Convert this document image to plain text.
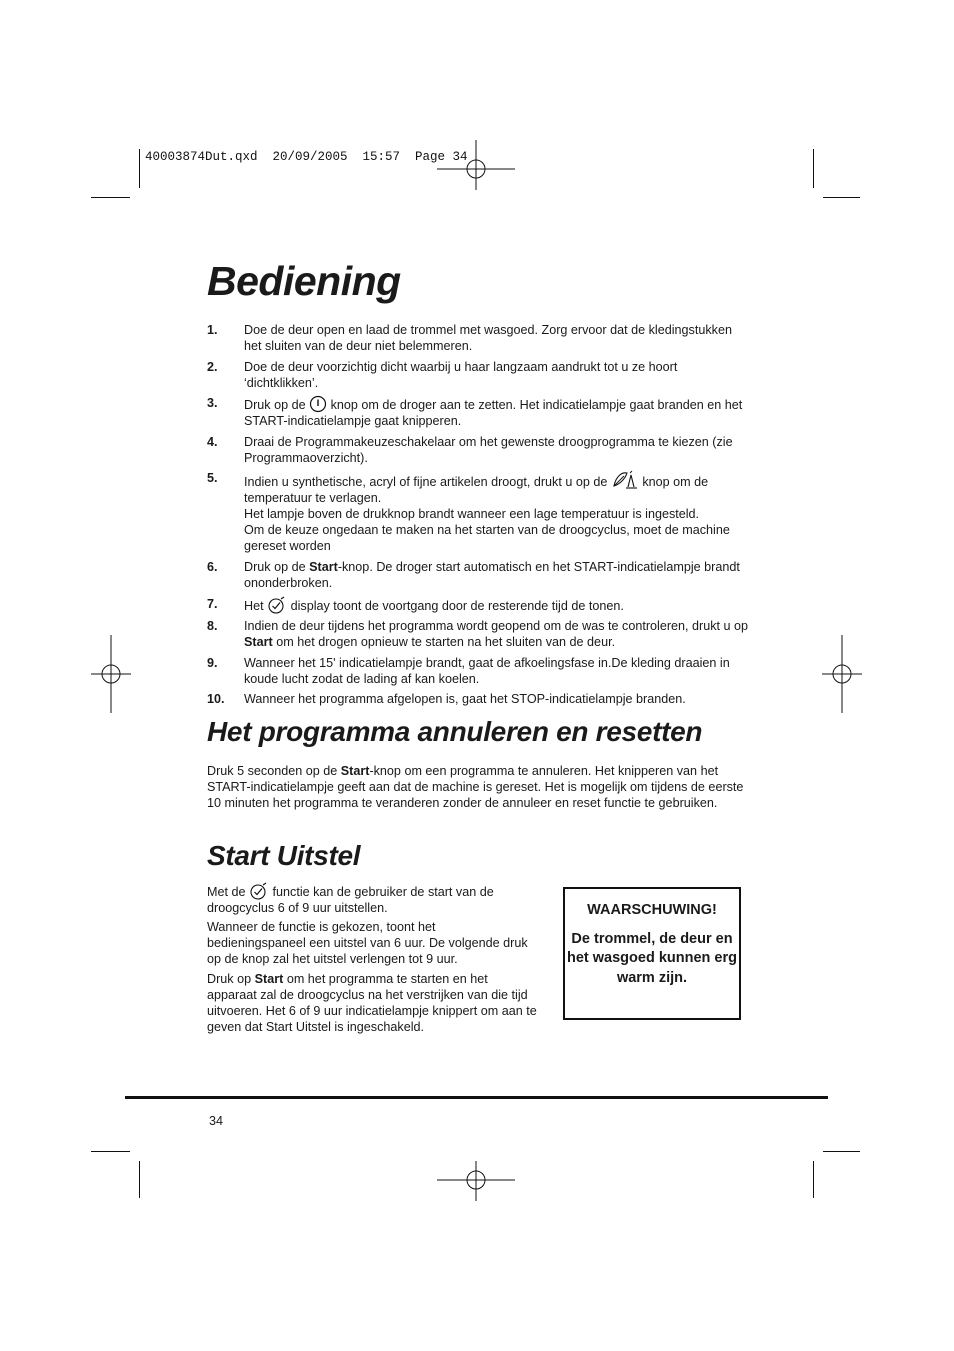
40003874Dut.qxd  20/09/2005  15:57  Page 34
Bediening
1. Doe de deur open en laad de trommel met wasgoed. Zorg ervoor dat de kledingstukken het sluiten van de deur niet belemmeren.
2. Doe de deur voorzichtig dicht waarbij u haar langzaam aandrukt tot u ze hoort ‘dichtklikken’.
3. Druk op de knop om de droger aan te zetten. Het indicatielampje gaat branden en het START-indicatielampje gaat knipperen.
4. Draai de Programmakeuzeschakelaar om het gewenste droogprogramma te kiezen (zie Programmaoverzicht).
5. Indien u synthetische, acryl of fijne artikelen droogt, drukt u op de	knop om de temperatuur te verlagen.
Het lampje boven de drukknop brandt wanneer een lage temperatuur is ingesteld.
Om de keuze ongedaan te maken na het starten van de droogcyclus, moet de machine gereset worden
6. Druk op de Start-knop. De droger start automatisch en het START-indicatielampje brandt ononderbroken.
7. Het display toont de voortgang door de resterende tijd de tonen.
8. Indien de deur tijdens het programma wordt geopend om de was te controleren, drukt u op Start om het drogen opnieuw te starten na het sluiten van de deur.
9. Wanneer het 15' indicatielampje brandt, gaat de afkoelingsfase in.De kleding draaien in koude lucht zodat de lading af kan koelen.
10. Wanneer het programma afgelopen is, gaat het STOP-indicatielampje branden.
Het programma annuleren en resetten

Druk 5 seconden op de Start-knop om een programma te annuleren. Het knipperen van het START-indicatielampje geeft aan dat de machine is gereset. Het is mogelijk om tijdens de eerste 10 minuten het programma te veranderen zonder de annuleer en reset functie te gebruiken.

Start Uitstel

Met de functie kan de gebruiker de start van de droogcyclus 6 of 9 uur uitstellen.

Wanneer de functie is gekozen, toont het bedieningspaneel een uitstel van 6 uur. De volgende druk op de knop zal het uitstel verlengen tot 9 uur.

Druk op Start om het programma te starten en het apparaat zal de droogcyclus na het verstrijken van die tijd uitvoeren. Het 6 of 9 uur indicatielampje knippert om aan te geven dat Start Uitstel is ingeschakeld.

WAARSCHUWING!
De trommel, de deur en het wasgoed kunnen erg warm zijn.
34
